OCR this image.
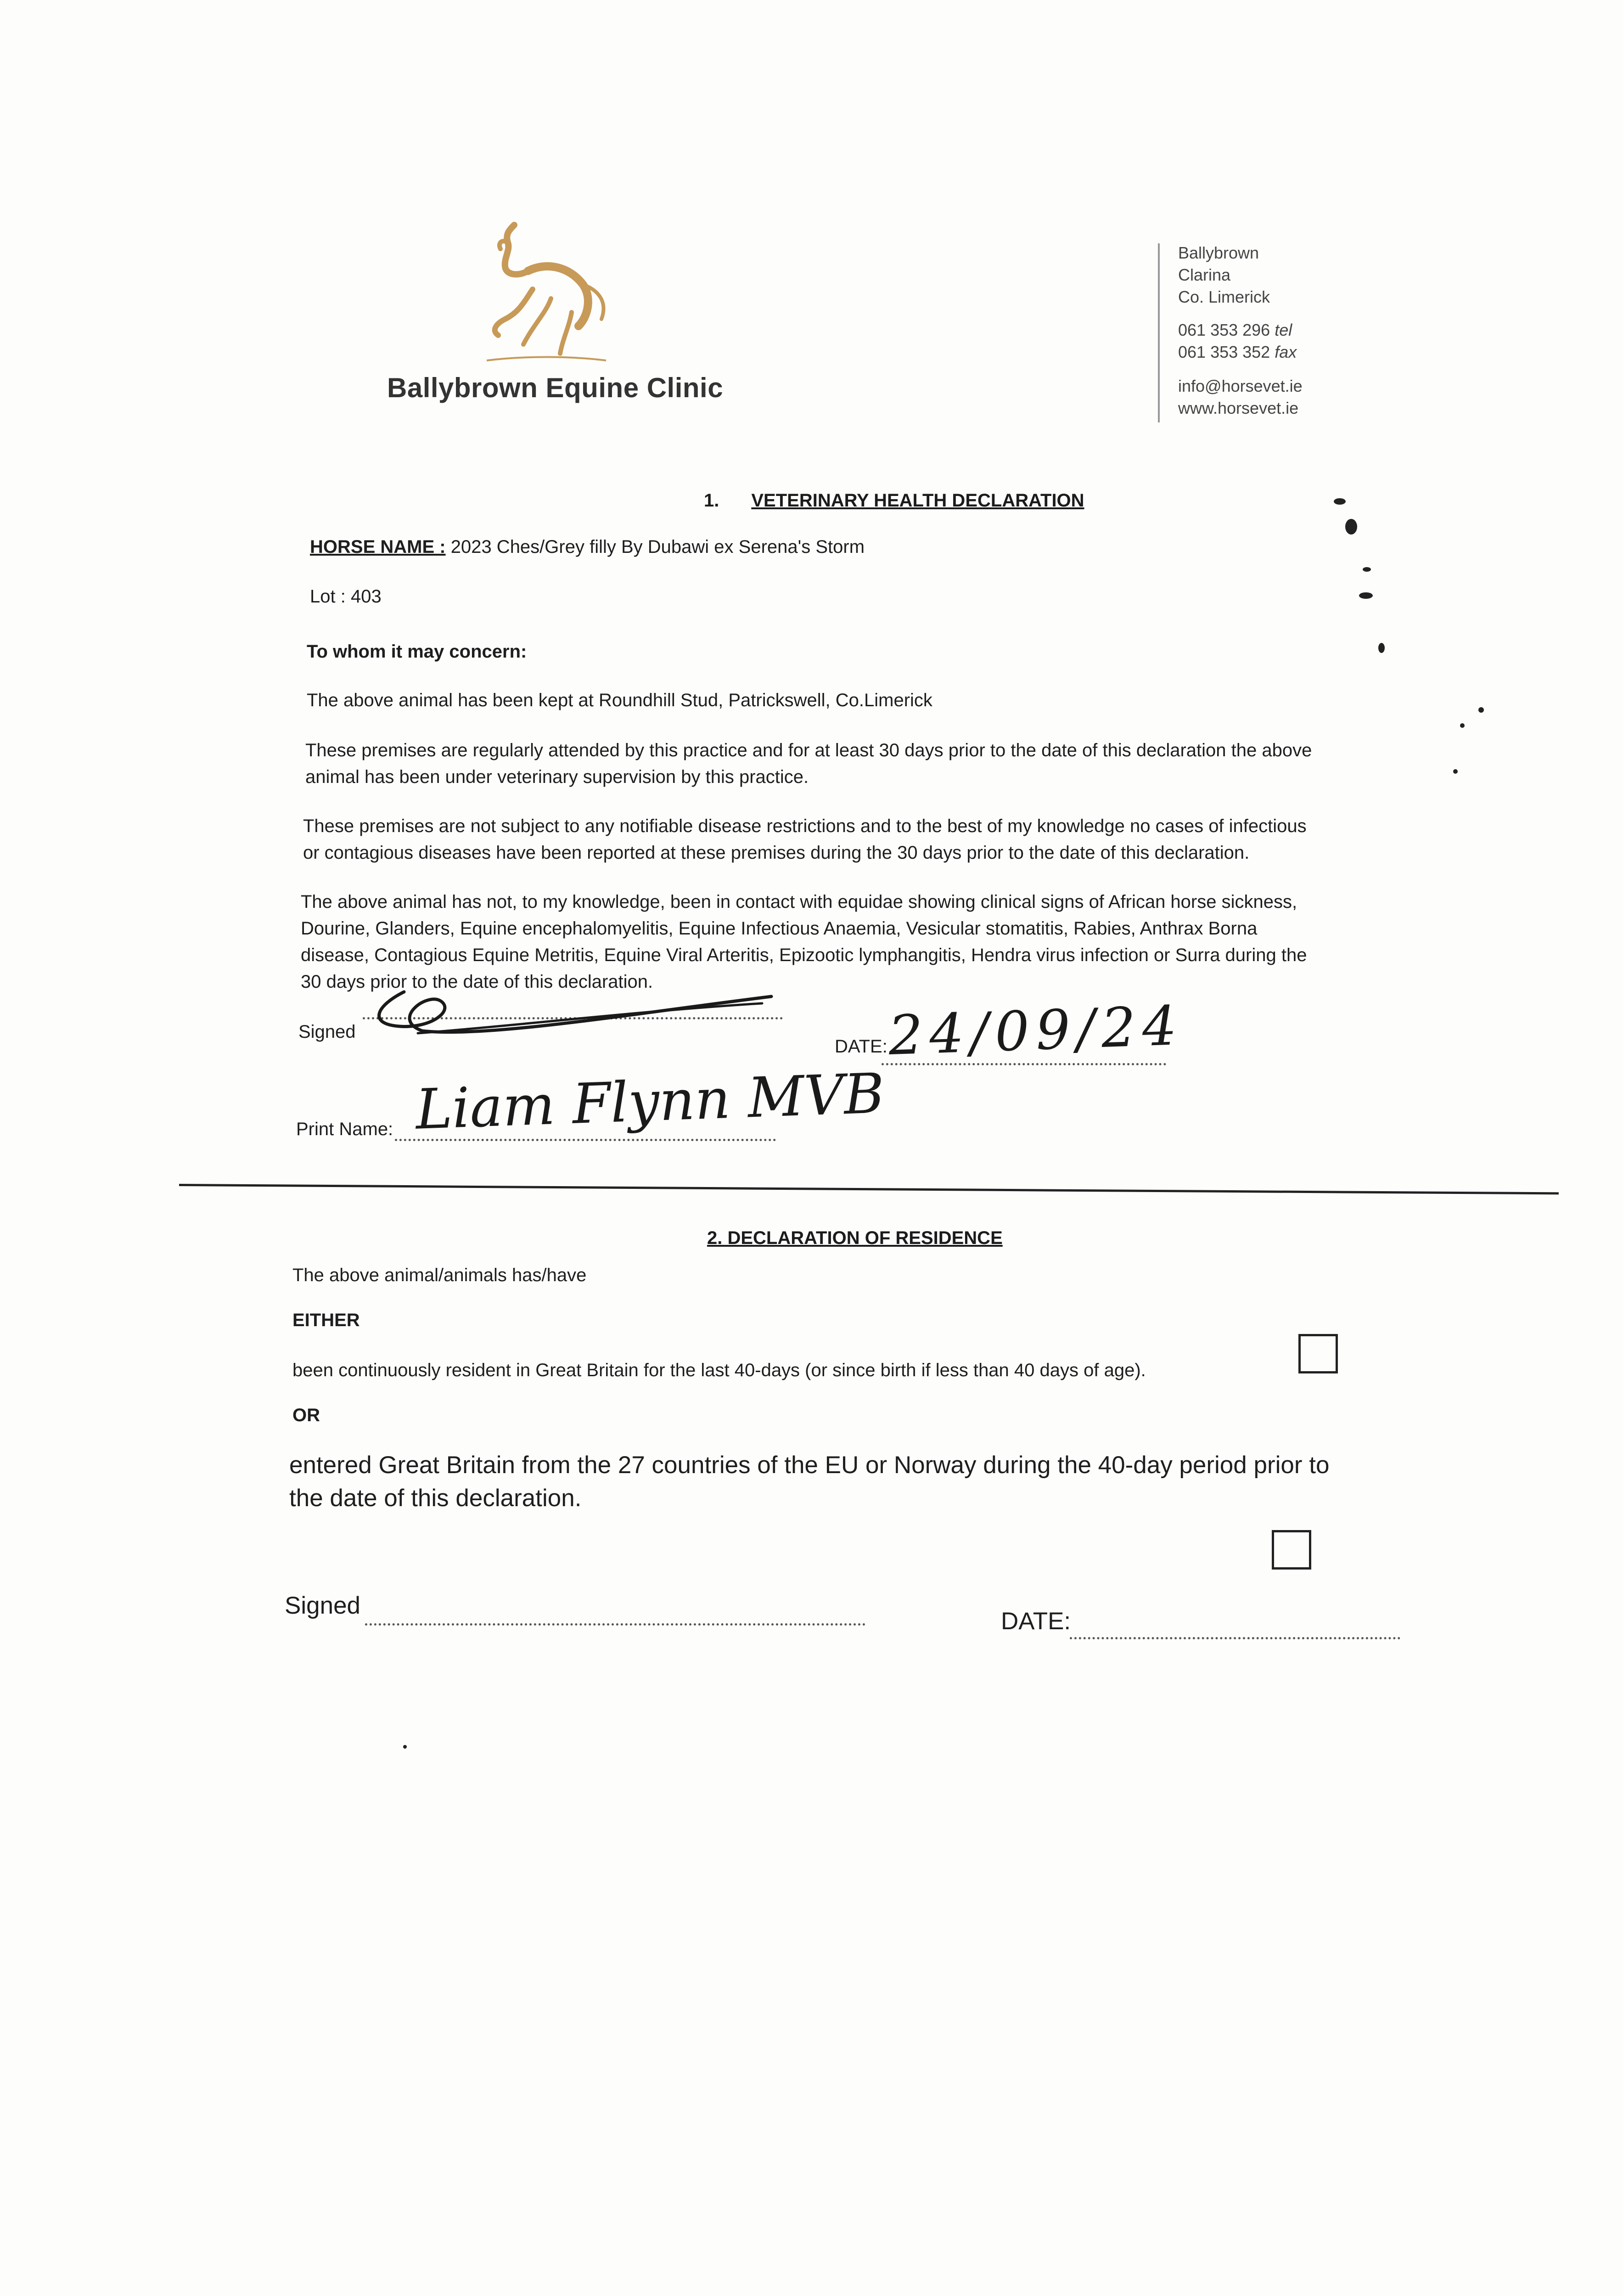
Ballybrown Equine Clinic
Ballybrown
Clarina
Co. Limerick
061 353 296 tel
061 353 352 fax
info@horsevet.ie
www.horsevet.ie
1. VETERINARY HEALTH DECLARATION
HORSE NAME : 2023 Ches/Grey filly By Dubawi ex Serena's Storm
Lot : 403
To whom it may concern:
The above animal has been kept at Roundhill Stud, Patrickswell, Co.Limerick
These premises are regularly attended by this practice and for at least 30 days prior to the date of this declaration the above
animal has been under veterinary supervision by this practice.
These premises are not subject to any notifiable disease restrictions and to the best of my knowledge no cases of infectious
or contagious diseases have been reported at these premises during the 30 days prior to the date of this declaration.
The above animal has not, to my knowledge, been in contact with equidae showing clinical signs of African horse sickness,
Dourine, Glanders, Equine encephalomyelitis, Equine Infectious Anaemia, Vesicular stomatitis, Rabies, Anthrax Borna
disease, Contagious Equine Metritis, Equine Viral Arteritis, Epizootic lymphangitis, Hendra virus infection or Surra during the
30 days prior to the date of this declaration.
Signed
DATE: 24/09/24
Print Name: Liam Flynn MVB
2. DECLARATION OF RESIDENCE
The above animal/animals has/have
EITHER
been continuously resident in Great Britain for the last 40-days (or since birth if less than 40 days of age).
OR
entered Great Britain from the 27 countries of the EU or Norway during the 40-day period prior to
the date of this declaration.
Signed
DATE:
